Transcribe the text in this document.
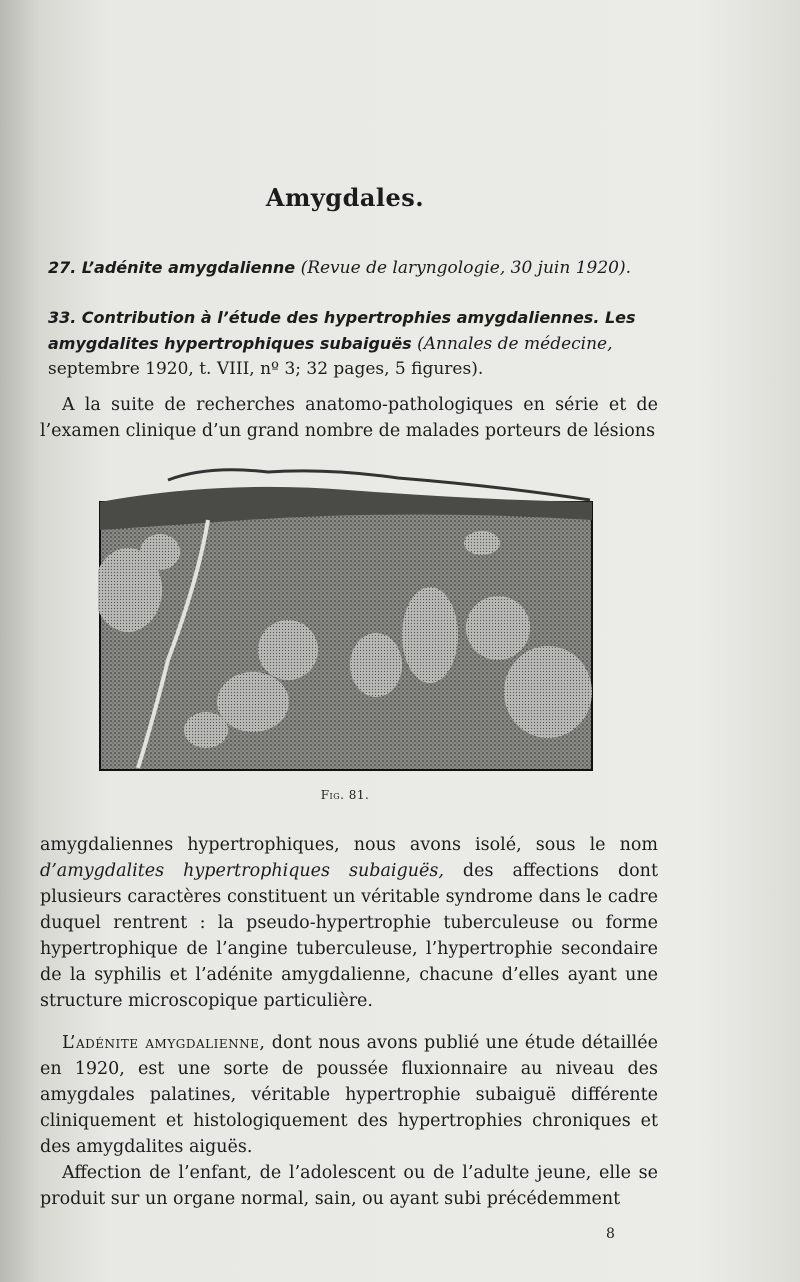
Amygdales.
27. L’adénite amygdalienne (Revue de laryngologie, 30 juin 1920).
33. Contribution à l’étude des hypertrophies amygdaliennes. Les amygdalites hypertrophiques subaiguës (Annales de médecine, septembre 1920, t. VIII, nº 3; 32 pages, 5 figures).
A la suite de recherches anatomo-pathologiques en série et de l’examen clinique d’un grand nombre de malades porteurs de lésions
Fig. 81.
amygdaliennes hypertrophiques, nous avons isolé, sous le nom d’amygdalites hypertrophiques subaiguës, des affections dont plusieurs caractères constituent un véritable syndrome dans le cadre duquel rentrent : la pseudo-hypertrophie tuberculeuse ou forme hypertrophique de l’angine tuberculeuse, l’hypertrophie secondaire de la syphilis et l’adénite amygdalienne, chacune d’elles ayant une structure microscopique particulière.
L’adénite amygdalienne, dont nous avons publié une étude détaillée en 1920, est une sorte de poussée fluxionnaire au niveau des amygdales palatines, véritable hypertrophie subaiguë différente cliniquement et histologiquement des hypertrophies chroniques et des amygdalites aiguës.
Affection de l’enfant, de l’adolescent ou de l’adulte jeune, elle se produit sur un organe normal, sain, ou ayant subi précédemment
8
